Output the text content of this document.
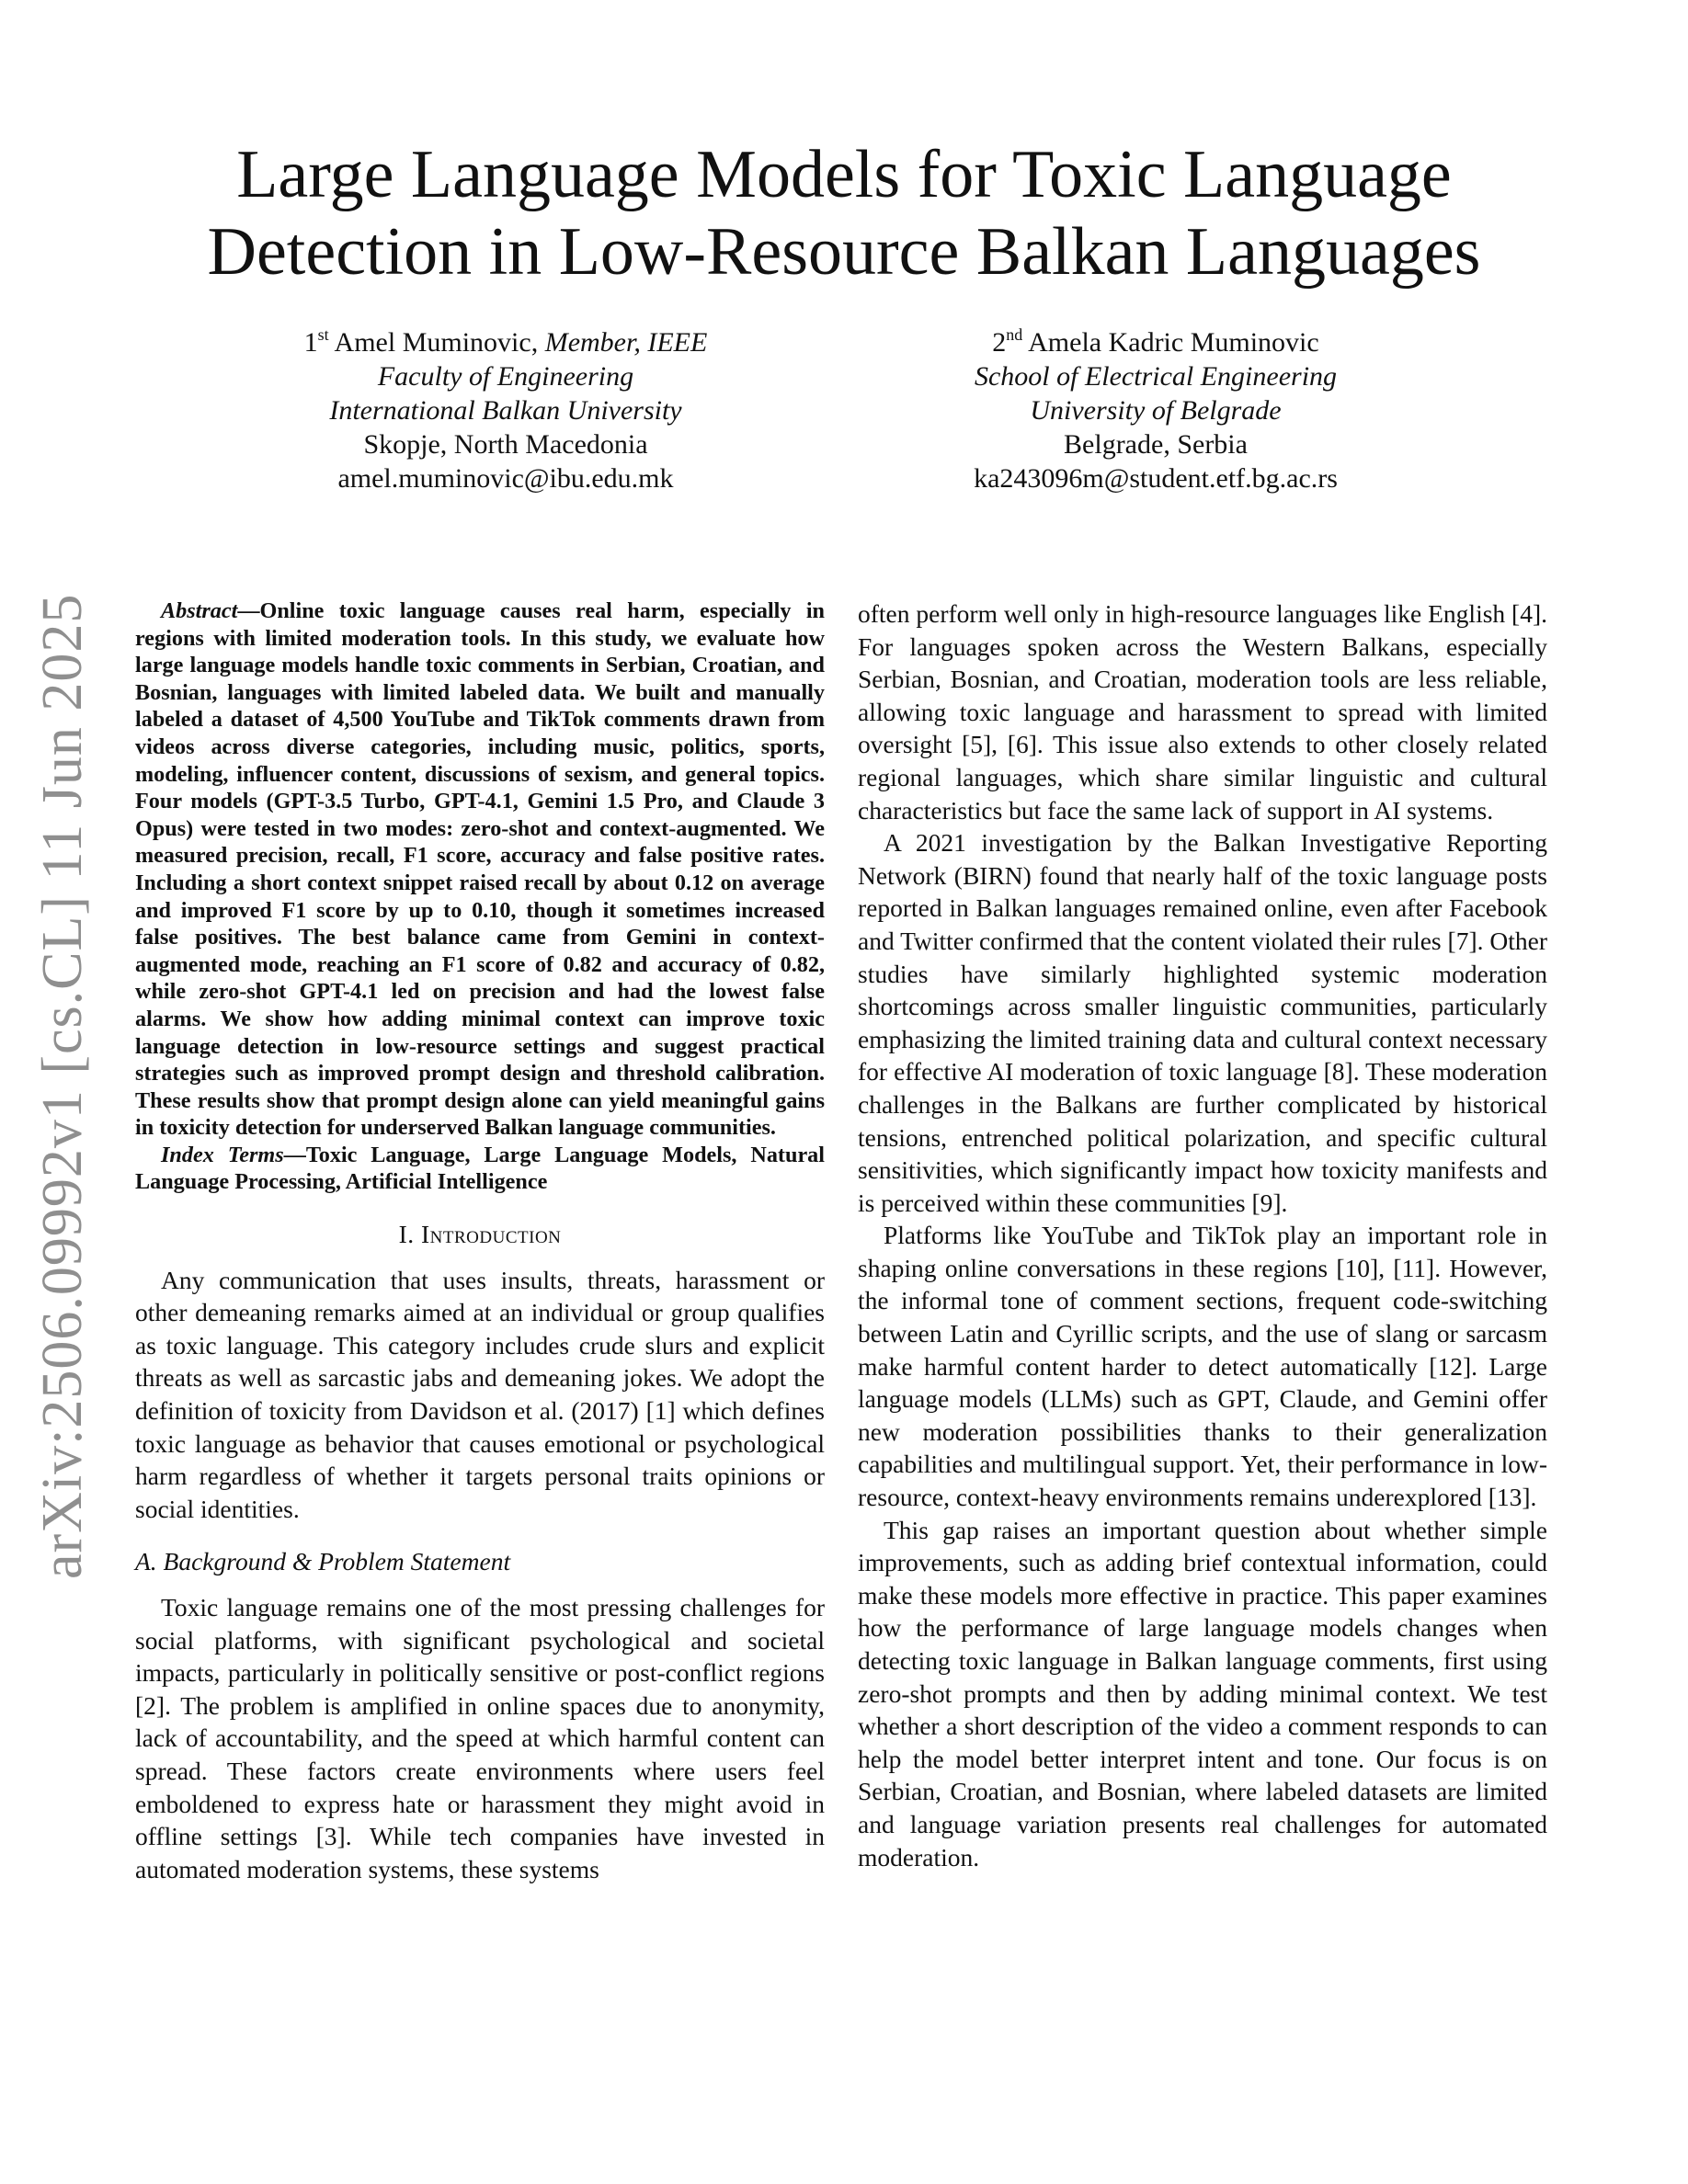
arXiv:2506.09992v1 [cs.CL] 11 Jun 2025
Large Language Models for Toxic Language Detection in Low-Resource Balkan Languages
1st Amel Muminovic, Member, IEEE
Faculty of Engineering
International Balkan University
Skopje, North Macedonia
amel.muminovic@ibu.edu.mk
2nd Amela Kadric Muminovic
School of Electrical Engineering
University of Belgrade
Belgrade, Serbia
ka243096m@student.etf.bg.ac.rs

Abstract—Online toxic language causes real harm, especially in regions with limited moderation tools. In this study, we evaluate how large language models handle toxic comments in Serbian, Croatian, and Bosnian, languages with limited labeled data. We built and manually labeled a dataset of 4,500 YouTube and TikTok comments drawn from videos across diverse categories, including music, politics, sports, modeling, influencer content, discussions of sexism, and general topics. Four models (GPT-3.5 Turbo, GPT-4.1, Gemini 1.5 Pro, and Claude 3 Opus) were tested in two modes: zero-shot and context-augmented. We measured precision, recall, F1 score, accuracy and false positive rates. Including a short context snippet raised recall by about 0.12 on average and improved F1 score by up to 0.10, though it sometimes increased false positives. The best balance came from Gemini in context-augmented mode, reaching an F1 score of 0.82 and accuracy of 0.82, while zero-shot GPT-4.1 led on precision and had the lowest false alarms. We show how adding minimal context can improve toxic language detection in low-resource settings and suggest practical strategies such as improved prompt design and threshold calibration. These results show that prompt design alone can yield meaningful gains in toxicity detection for underserved Balkan language communities.

Index Terms—Toxic Language, Large Language Models, Natural Language Processing, Artificial Intelligence

I. Introduction

Any communication that uses insults, threats, harassment or other demeaning remarks aimed at an individual or group qualifies as toxic language. This category includes crude slurs and explicit threats as well as sarcastic jabs and demeaning jokes. We adopt the definition of toxicity from Davidson et al. (2017) [1] which defines toxic language as behavior that causes emotional or psychological harm regardless of whether it targets personal traits opinions or social identities.

A. Background & Problem Statement

Toxic language remains one of the most pressing challenges for social platforms, with significant psychological and societal impacts, particularly in politically sensitive or post-conflict regions [2]. The problem is amplified in online spaces due to anonymity, lack of accountability, and the speed at which harmful content can spread. These factors create environments where users feel emboldened to express hate or harassment they might avoid in offline settings [3]. While tech companies have invested in automated moderation systems, these systems

often perform well only in high-resource languages like English [4]. For languages spoken across the Western Balkans, especially Serbian, Bosnian, and Croatian, moderation tools are less reliable, allowing toxic language and harassment to spread with limited oversight [5], [6]. This issue also extends to other closely related regional languages, which share similar linguistic and cultural characteristics but face the same lack of support in AI systems.

A 2021 investigation by the Balkan Investigative Reporting Network (BIRN) found that nearly half of the toxic language posts reported in Balkan languages remained online, even after Facebook and Twitter confirmed that the content violated their rules [7]. Other studies have similarly highlighted systemic moderation shortcomings across smaller linguistic communities, particularly emphasizing the limited training data and cultural context necessary for effective AI moderation of toxic language [8]. These moderation challenges in the Balkans are further complicated by historical tensions, entrenched political polarization, and specific cultural sensitivities, which significantly impact how toxicity manifests and is perceived within these communities [9].

Platforms like YouTube and TikTok play an important role in shaping online conversations in these regions [10], [11]. However, the informal tone of comment sections, frequent code-switching between Latin and Cyrillic scripts, and the use of slang or sarcasm make harmful content harder to detect automatically [12]. Large language models (LLMs) such as GPT, Claude, and Gemini offer new moderation possibilities thanks to their generalization capabilities and multilingual support. Yet, their performance in low-resource, context-heavy environments remains underexplored [13].

This gap raises an important question about whether simple improvements, such as adding brief contextual information, could make these models more effective in practice. This paper examines how the performance of large language models changes when detecting toxic language in Balkan language comments, first using zero-shot prompts and then by adding minimal context. We test whether a short description of the video a comment responds to can help the model better interpret intent and tone. Our focus is on Serbian, Croatian, and Bosnian, where labeled datasets are limited and language variation presents real challenges for automated moderation.
